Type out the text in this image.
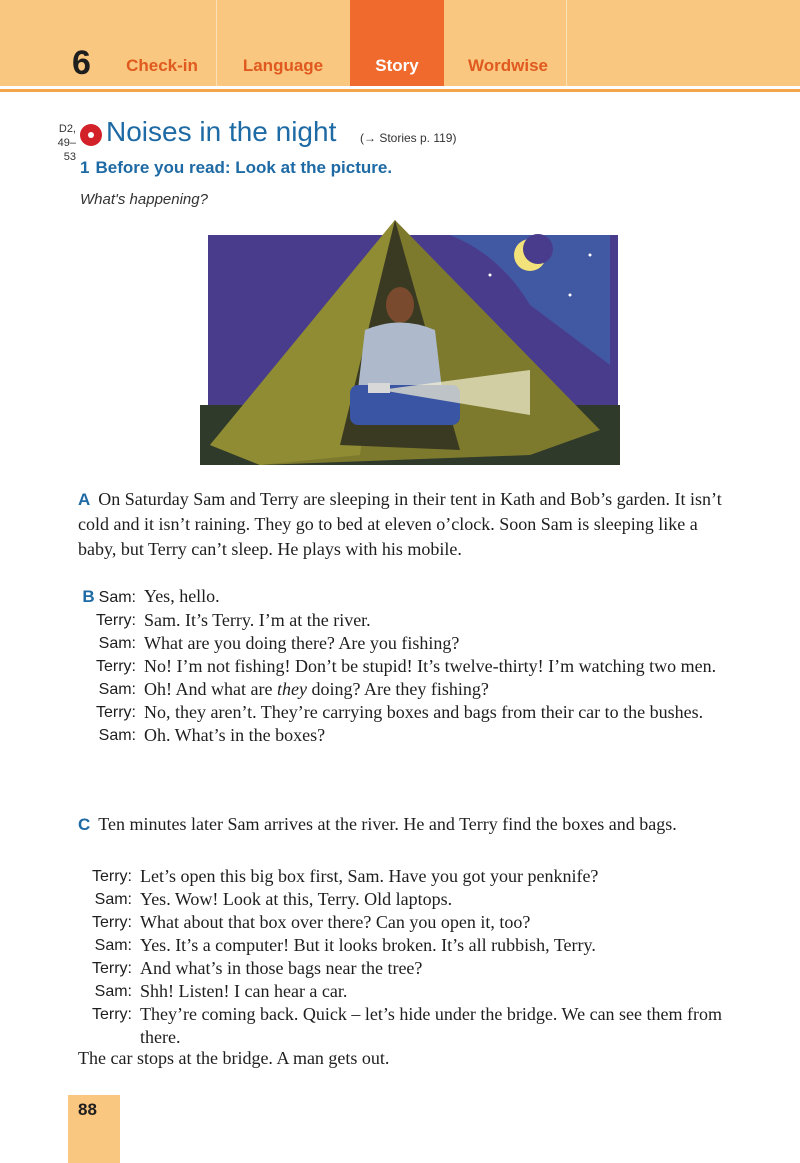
6	Check-in	Language	Story	Wordwise
D2,
49–53
Noises in the night (→ Stories p. 119)
1 Before you read: Look at the picture.
What's happening?
A On Saturday Sam and Terry are sleeping in their tent in Kath and Bob’s garden. It isn’t cold and it isn’t raining. They go to bed at eleven o’clock. Soon Sam is sleeping like a baby, but Terry can’t sleep. He plays with his mobile.
B Sam: Yes, hello.
Terry: Sam. It’s Terry. I’m at the river.
Sam: What are you doing there? Are you fishing?
Terry: No! I’m not fishing! Don’t be stupid! It’s twelve-thirty! I’m watching two men.
Sam: Oh! And what are they doing? Are they fishing?
Terry: No, they aren’t. They’re carrying boxes and bags from their car to the bushes.
Sam: Oh. What’s in the boxes?
C Ten minutes later Sam arrives at the river. He and Terry find the boxes and bags.
Terry: Let’s open this big box first, Sam. Have you got your penknife?
Sam: Yes. Wow! Look at this, Terry. Old laptops.
Terry: What about that box over there? Can you open it, too?
Sam: Yes. It’s a computer! But it looks broken. It’s all rubbish, Terry.
Terry: And what’s in those bags near the tree?
Sam: Shh! Listen! I can hear a car.
Terry: They’re coming back. Quick – let’s hide under the bridge. We can see them from there.
The car stops at the bridge. A man gets out.
88
